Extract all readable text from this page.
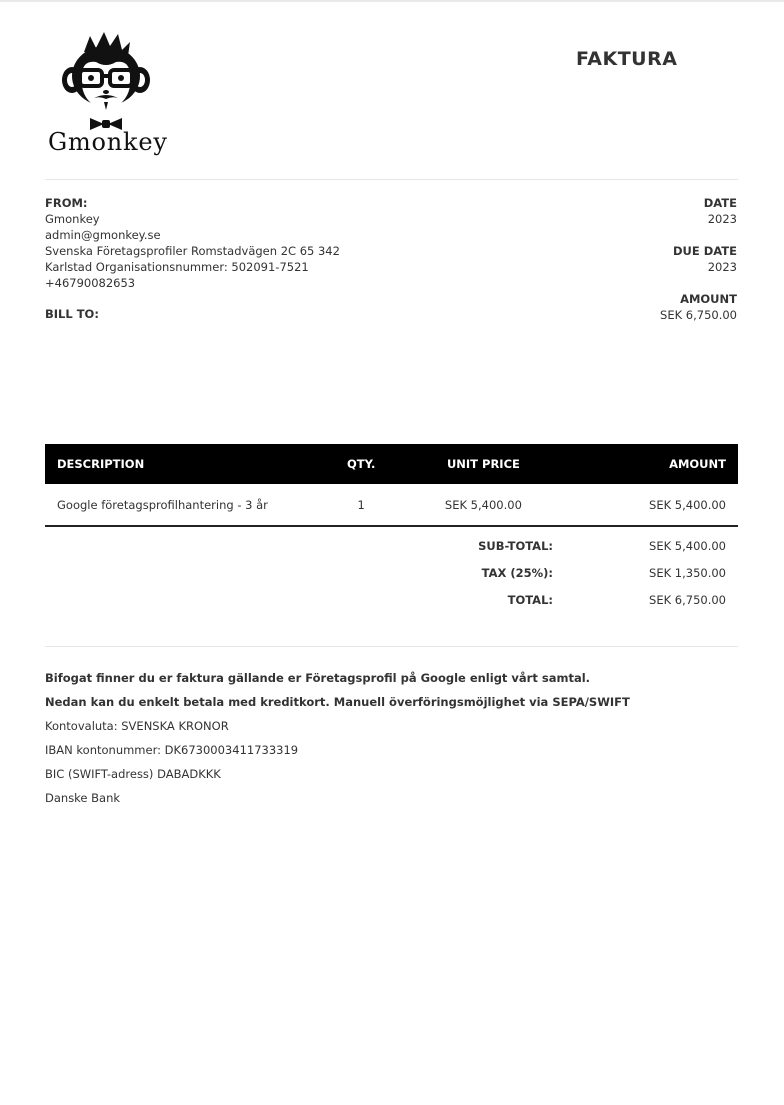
Gmonkey
FAKTURA
FROM:
Gmonkey
admin@gmonkey.se
Svenska Företagsprofiler Romstadvägen 2C 65 342
Karlstad Organisationsnummer: 502091-7521
+46790082653
BILL TO:
DATE
2023
DUE DATE
2023
AMOUNT
SEK 6,750.00
DESCRIPTION	QTY.	UNIT PRICE	AMOUNT
Google företagsprofilhantering - 3 år	1	SEK 5,400.00	SEK 5,400.00
SUB-TOTAL:	SEK 5,400.00
TAX (25%):	SEK 1,350.00
TOTAL:	SEK 6,750.00
Bifogat finner du er faktura gällande er Företagsprofil på Google enligt vårt samtal.
Nedan kan du enkelt betala med kreditkort. Manuell överföringsmöjlighet via SEPA/SWIFT
Kontovaluta: SVENSKA KRONOR
IBAN kontonummer: DK6730003411733319
BIC (SWIFT-adress) DABADKKK
Danske Bank
